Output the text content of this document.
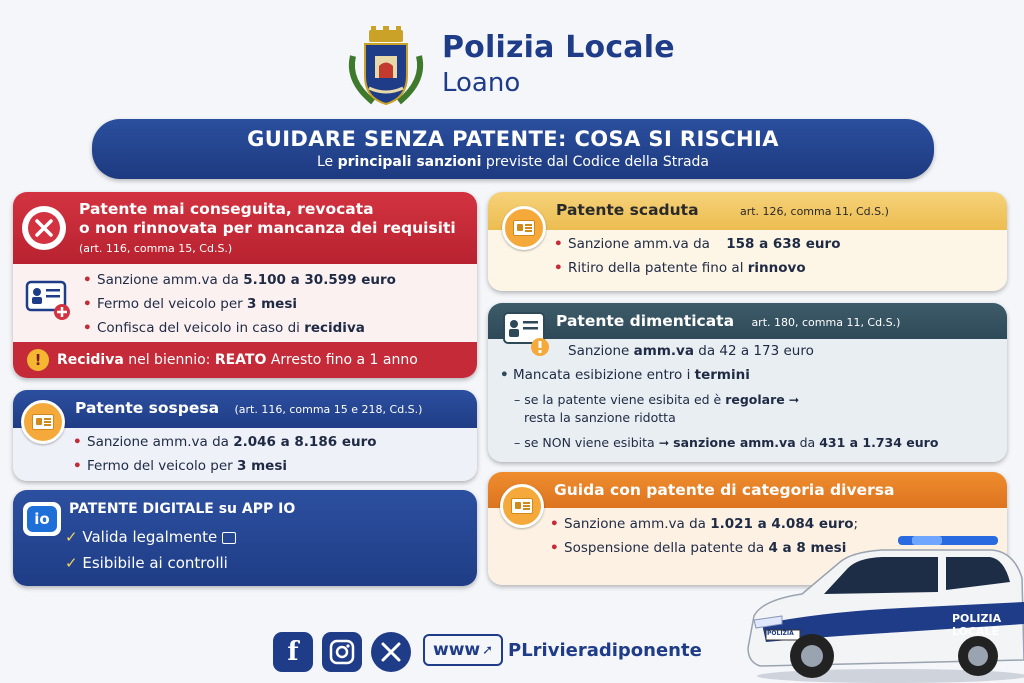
Polizia Locale
Loano
GUIDARE SENZA PATENTE: COSA SI RISCHIA
Le principali sanzioni previste dal Codice della Strada
Patente mai conseguita, revocata
o non rinnovata per mancanza dei requisiti
(art. 116, comma 15, Cd.S.)
• Sanzione amm.va da 5.100 a 30.599 euro
• Fermo del veicolo per 3 mesi
• Confisca del veicolo in caso di recidiva
!	Recidiva nel biennio: REATO Arresto fino a 1 anno
Patente sospesa (art. 116, comma 15 e 218, Cd.S.)
• Sanzione amm.va da 2.046 a 8.186 euro
• Fermo del veicolo per 3 mesi
io
PATENTE DIGITALE su APP IO
✓ Valida legalmente
✓ Esibibile ai controlli
Patente scaduta	art. 126, comma 11, Cd.S.)
• Sanzione amm.va da 158 a 638 euro
• Ritiro della patente fino al rinnovo
Patente dimenticata art. 180, comma 11, Cd.S.)
Sanzione amm.va da 42 a 173 euro
• Mancata esibizione entro i termini
– se la patente viene esibita ed è regolare ➞
resta la sanzione ridotta
– se NON viene esibita ➞ sanzione amm.va da 431 a 1.734 euro
Guida con patente di categoria diversa
• Sanzione amm.va da 1.021 a 4.084 euro;
• Sospensione della patente da 4 a 8 mesi
POLIZIA LOCALE
POLIZIA
f	www ➚ PLrivieradiponente
